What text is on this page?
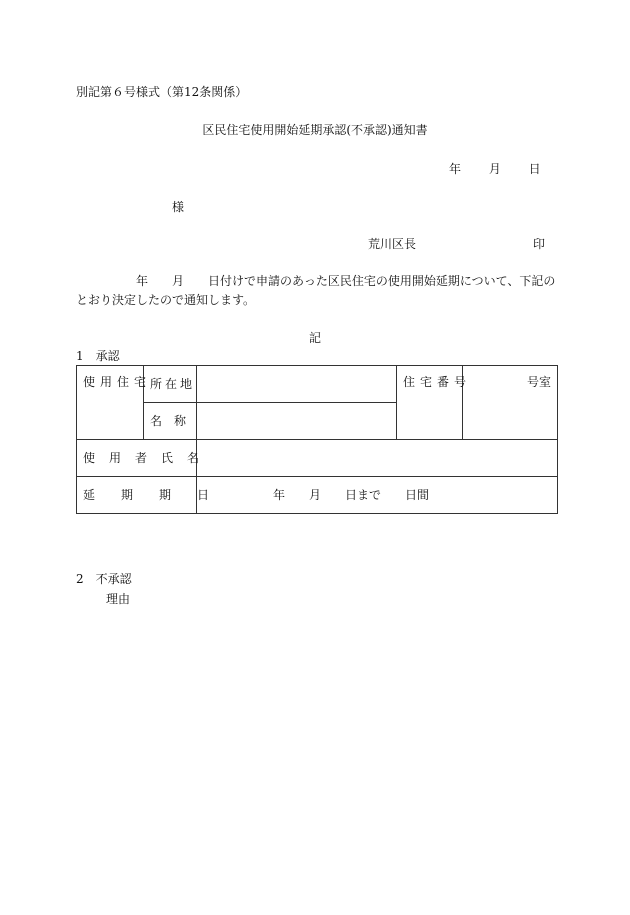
別記第６号様式（第12条関係）
区民住宅使用開始延期承認(不承認)通知書
年 月 日
様
荒川区長	印
年　　月　　日付けで申請のあった区民住宅の使用開始延期について、下記の
とおり決定したので通知します。
記
1　承認
使用住宅	所在地		住宅番号	号室
	名　称			
使用者氏名				
延期期日		年　　月　　日まで　　日間		
2　不承認
理由
